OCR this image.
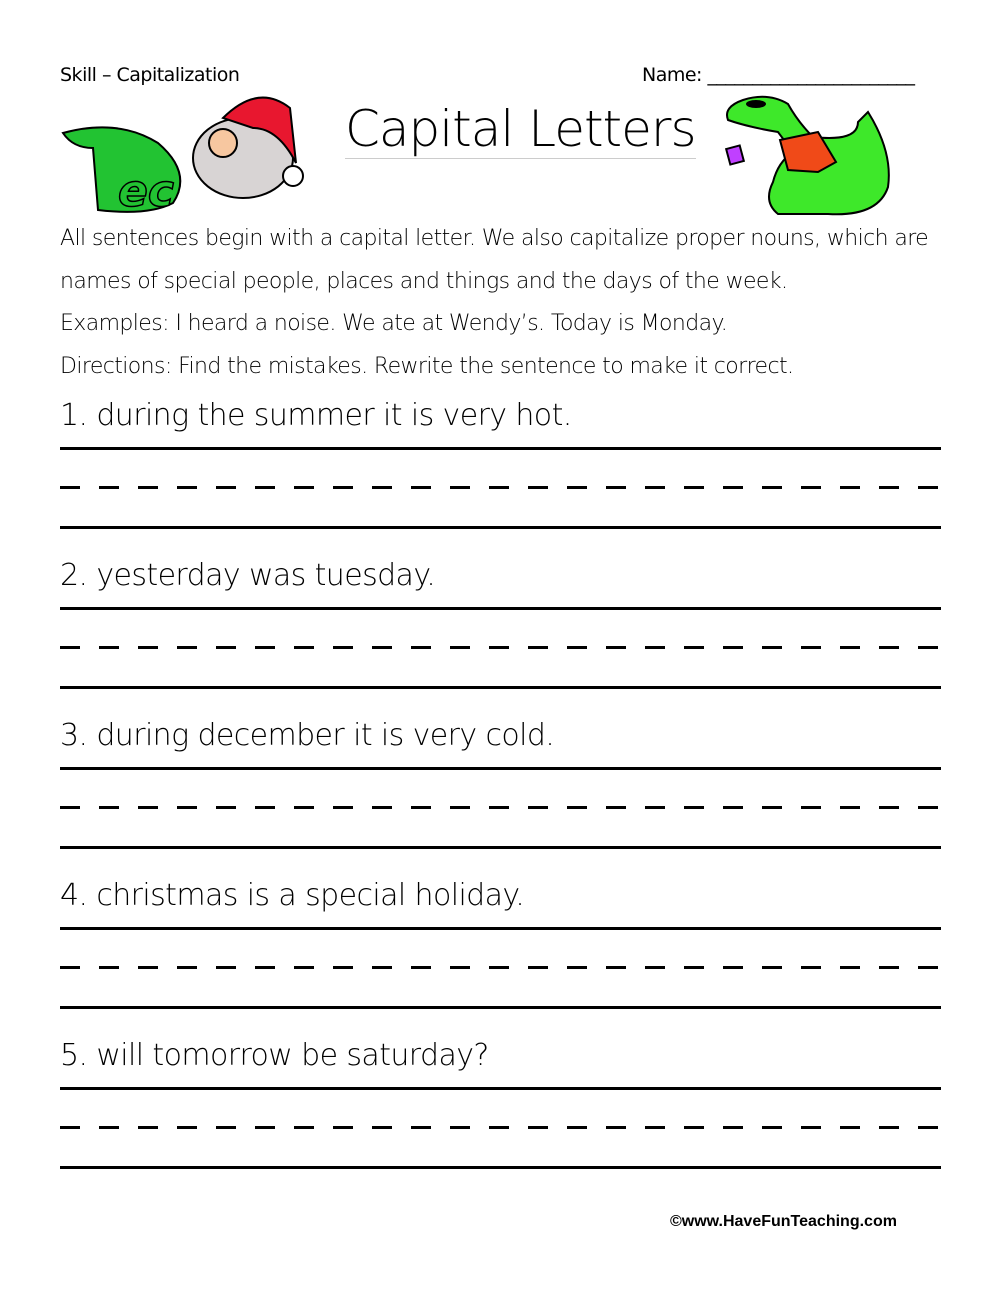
Skill – Capitalization	Name: _______________________
Capital Letters
ec
All sentences begin with a capital letter. We also capitalize proper nouns, which are
names of special people, places and things and the days of the week.
Examples: I heard a noise. We ate at Wendy’s. Today is Monday.
Directions: Find the mistakes. Rewrite the sentence to make it correct.
1. during the summer it is very hot.
2. yesterday was tuesday.
3. during december it is very cold.
4. christmas is a special holiday.
5. will tomorrow be saturday?
©www.HaveFunTeaching.com
